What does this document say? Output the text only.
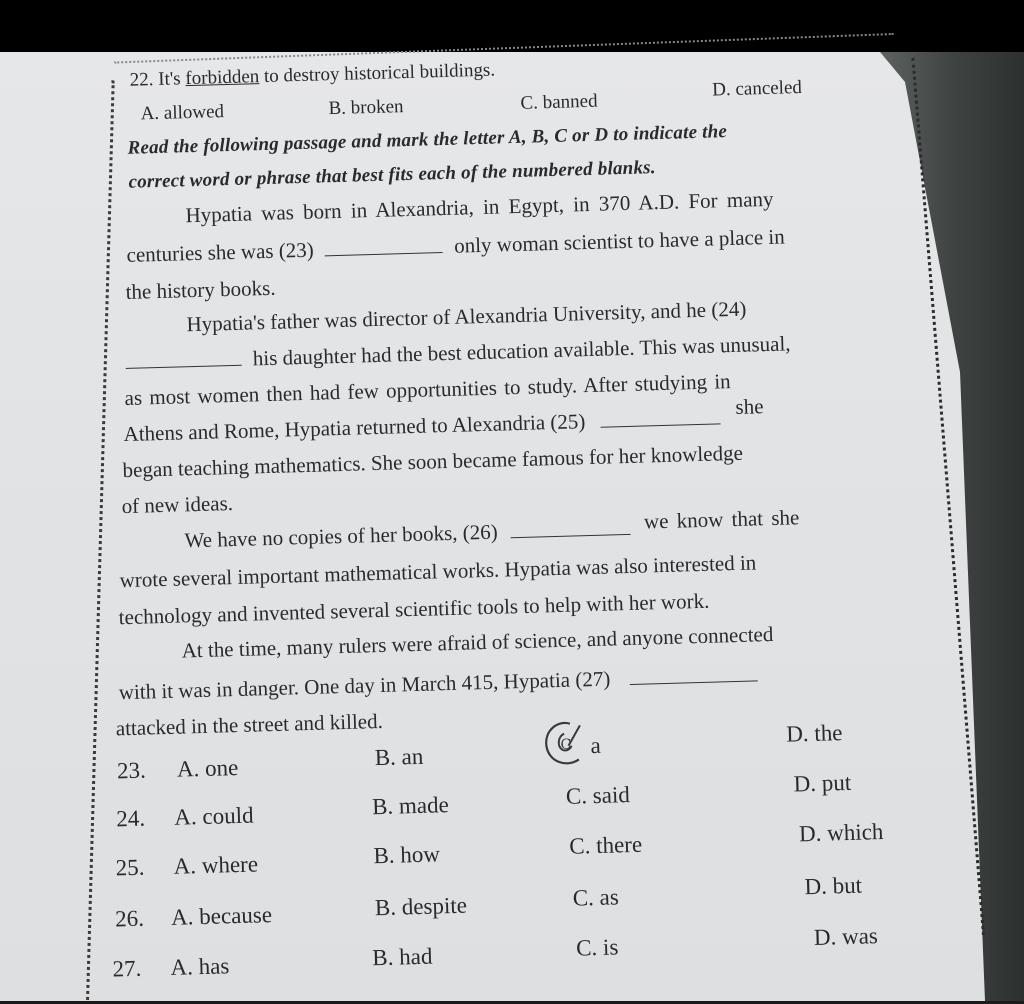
22. It's forbidden to destroy historical buildings.
A. allowed	B. broken	C. banned
D. canceled
Read the following passage and mark the letter A, B, C or D to indicate the
correct word or phrase that best fits each of the numbered blanks.
Hypatia was born in Alexandria, in Egypt, in 370 A.D. For many
centuries she was (23)	only woman scientist to have a place in
the history books.
Hypatia's father was director of Alexandria University, and he (24)
his daughter had the best education available. This was unusual,
as most women then had few opportunities to study. After studying in
Athens and Rome, Hypatia returned to Alexandria (25)  she
began teaching mathematics. She soon became famous for her knowledge
of new ideas.
We have no copies of her books, (26)  we know that she
wrote several important mathematical works. Hypatia was also interested in
technology and invented several scientific tools to help with her work.
At the time, many rulers were afraid of science, and anyone connected
with it was in danger. One day in March 415, Hypatia (27)
attacked in the street and killed.
23. A. one	B. an	C a	D. the
24. A. could	B. made	C. said	D. put
25. A. where	B. how	C. there	D. which
26. A. because	B. despite	C. as	D. but
27. A. has	B. had	C. is	D. was
